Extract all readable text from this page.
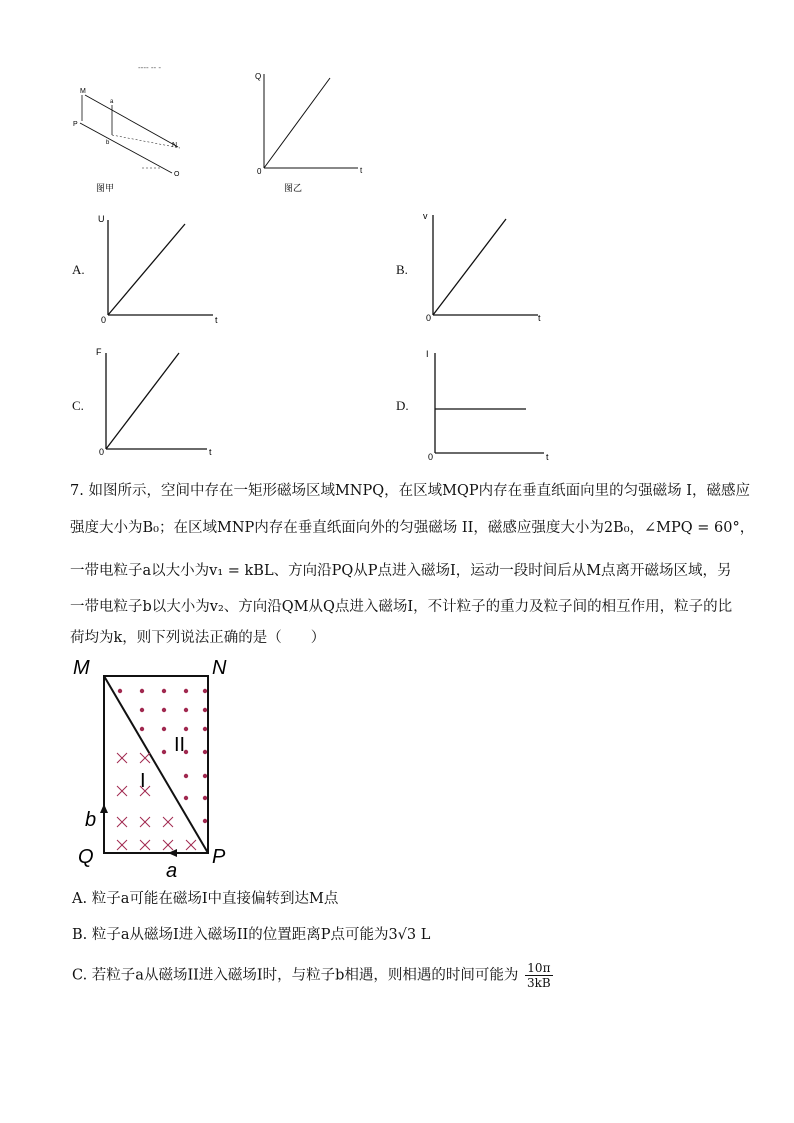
---- -- -
M
a
P
b	N
O
图甲
Q
t
0
图乙
A.
U
t
0
B.
v
t
0
C.
F
t
0
D.
I
t
0
7. 如图所示，空间中存在一矩形磁场区域MNPQ，在区域MQP内存在垂直纸面向里的匀强磁场 I，磁感应
强度大小为B₀；在区域MNP内存在垂直纸面向外的匀强磁场 II，磁感应强度大小为2B₀，∠MPQ = 60°，
一带电粒子a以大小为v₁ = kBL、方向沿PQ从P点进入磁场I，运动一段时间后从M点离开磁场区域，另
一带电粒子b以大小为v₂、方向沿QM从Q点进入磁场I，不计粒子的重力及粒子间的相互作用，粒子的比
荷均为k，则下列说法正确的是（　　）
M	N
Q	P
I
II
b
a
A. 粒子a可能在磁场I中直接偏转到达M点
B. 粒子a从磁场I进入磁场II的位置距离P点可能为3√3 L
C. 若粒子a从磁场II进入磁场I时，与粒子b相遇，则相遇的时间可能为 $\frac{10\pi}{3kB}$
